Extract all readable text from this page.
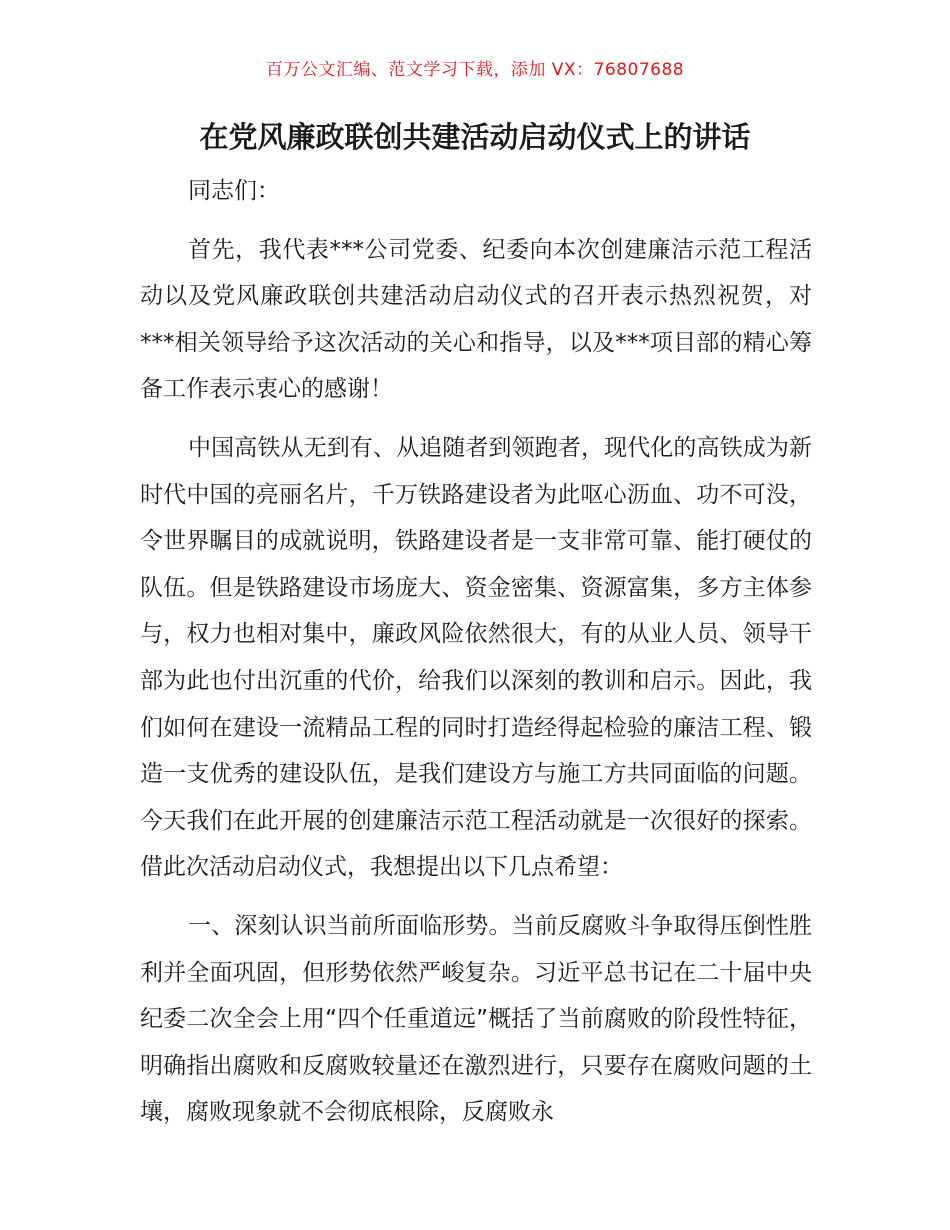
百万公文汇编、范文学习下载，添加 VX：76807688
在党风廉政联创共建活动启动仪式上的讲话

同志们：

首先，我代表***公司党委、纪委向本次创建廉洁示范工程活动以及党风廉政联创共建活动启动仪式的召开表示热烈祝贺，对***相关领导给予这次活动的关心和指导，以及***项目部的精心筹备工作表示衷心的感谢！

中国高铁从无到有、从追随者到领跑者，现代化的高铁成为新时代中国的亮丽名片，千万铁路建设者为此呕心沥血、功不可没，令世界瞩目的成就说明，铁路建设者是一支非常可靠、能打硬仗的队伍。但是铁路建设市场庞大、资金密集、资源富集，多方主体参与，权力也相对集中，廉政风险依然很大，有的从业人员、领导干部为此也付出沉重的代价，给我们以深刻的教训和启示。因此，我们如何在建设一流精品工程的同时打造经得起检验的廉洁工程、锻造一支优秀的建设队伍，是我们建设方与施工方共同面临的问题。今天我们在此开展的创建廉洁示范工程活动就是一次很好的探索。借此次活动启动仪式，我想提出以下几点希望：

一、深刻认识当前所面临形势。当前反腐败斗争取得压倒性胜利并全面巩固，但形势依然严峻复杂。习近平总书记在二十届中央纪委二次全会上用“四个任重道远”概括了当前腐败的阶段性特征，明确指出腐败和反腐败较量还在激烈进行，只要存在腐败问题的土壤，腐败现象就不会彻底根除，反腐败永
